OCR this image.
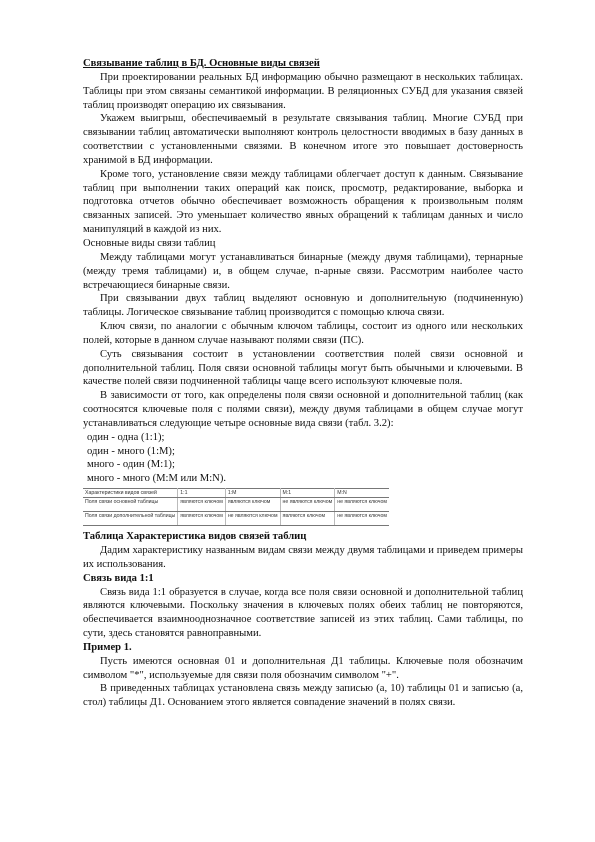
Связывание таблиц в БД. Основные виды связей

При проектировании реальных БД информацию обычно размещают в нескольких таблицах. Таблицы при этом связаны семантикой информации. В реляционных СУБД для указания связей таблиц производят операцию их связывания.

Укажем выигрыш, обеспечиваемый в результате связывания таблиц. Многие СУБД при связывании таблиц автоматически выполняют контроль целостности вводимых в базу данных в соответствии с установленными связями. В конечном итоге это повышает достоверность хранимой в БД информации.

Кроме того, установление связи между таблицами облегчает доступ к данным. Связывание таблиц при выполнении таких операций как поиск, просмотр, редактирование, выборка и подготовка отчетов обычно обеспечивает возможность обращения к произвольным полям связанных записей. Это уменьшает количество явных обращений к таблицам данных и число манипуляций в каждой из них.

Основные виды связи таблиц

Между таблицами могут устанавливаться бинарные (между двумя таблицами), тернарные (между тремя таблицами) и, в общем случае, n-арные связи. Рассмотрим наиболее часто встречающиеся бинарные связи.

При связывании двух таблиц выделяют основную и дополнительную (подчиненную) таблицы. Логическое связывание таблиц производится с помощью ключа связи.

Ключ связи, по аналогии с обычным ключом таблицы, состоит из одного или нескольких полей, которые в данном случае называют полями связи (ПС).

Суть связывания состоит в установлении соответствия полей связи основной и дополнительной таблиц. Поля связи основной таблицы могут быть обычными и ключевыми. В качестве полей связи подчиненной таблицы чаще всего используют ключевые поля.

В зависимости от того, как определены поля связи основной и дополнительной таблиц (как соотносятся ключевые поля с полями связи), между двумя таблицами в общем случае могут устанавливаться следующие четыре основные вида связи (табл. 3.2):

один - одна (1:1);

один - много (1:М);

много - один (М:1);

много - много (М:М или М:N).

Характеристики видов связей	1:1	1:М	М:1	М:N
Поля связи основной таблицы	являются ключом	являются ключом	не являются ключом	не являются ключом
Поля связи дополнительной таблицы	являются ключом	не являются ключом	являются ключом	не являются ключом

Таблица Характеристика видов связей таблиц

Дадим характеристику названным видам связи между двумя таблицами и приведем примеры их использования.

Связь вида 1:1

Связь вида 1:1 образуется в случае, когда все поля связи основной и дополнительной таблиц являются ключевыми. Поскольку значения в ключевых полях обеих таблиц не повторяются, обеспечивается взаимнооднозначное соответствие записей из этих таблиц. Сами таблицы, по сути, здесь становятся равноправными.

Пример 1.

Пусть имеются основная 01 и дополнительная Д1 таблицы. Ключевые поля обозначим символом "*", используемые для связи поля обозначим символом "+".

В приведенных таблицах установлена связь между записью (а, 10) таблицы 01 и записью (а, стол) таблицы Д1. Основанием этого является совпадение значений в полях связи.
